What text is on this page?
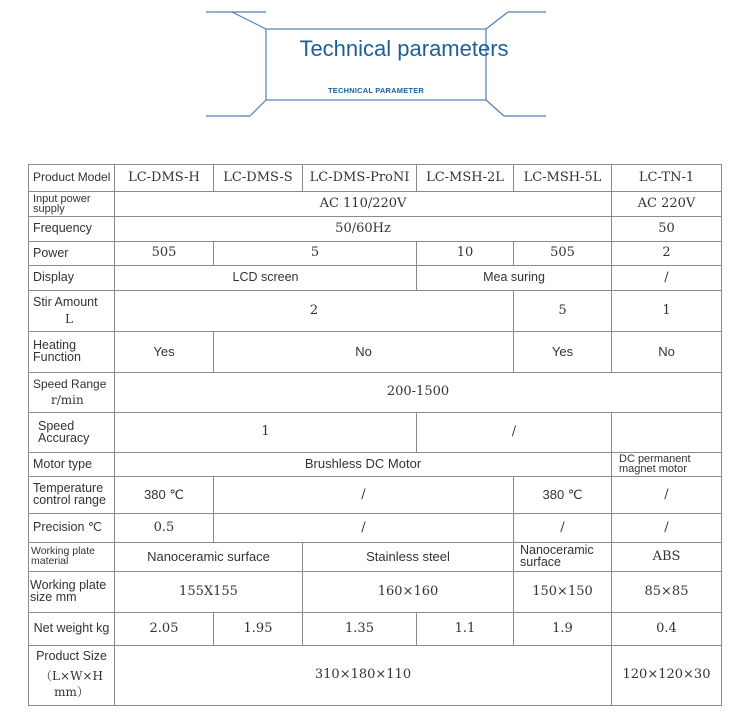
Technical parameters
TECHNICAL PARAMETER
Product Model	LC-DMS-H	LC-DMS-S	LC-DMS-ProNI	LC-MSH-2L	LC-MSH-5L	LC-TN-1
Input power supply	AC 110/220V					AC 220V
Frequency	50/60Hz					50
Power	505	5		10	505	2
Display	LCD screen			Mea suring		/
Stir Amount
L	2				5	1
Heating Function	Yes	No			Yes	No
Speed Range
r/min	200-1500					
Speed Accuracy	1			/		
Motor type	Brushless DC Motor					DC permanent magnet motor
Temperature control range	380 ℃	/			380 ℃	/
Precision ℃	0.5	/			/	/
Working plate material	Nanoceramic surface		Stainless steel		Nanoceramic surface	ABS
Working plate size mm	155X155		160×160		150×150	85×85
Net weight kg	2.05	1.95	1.35	1.1	1.9	0.4
Product Size
（L×W×H mm）	310×180×110					120×120×30
